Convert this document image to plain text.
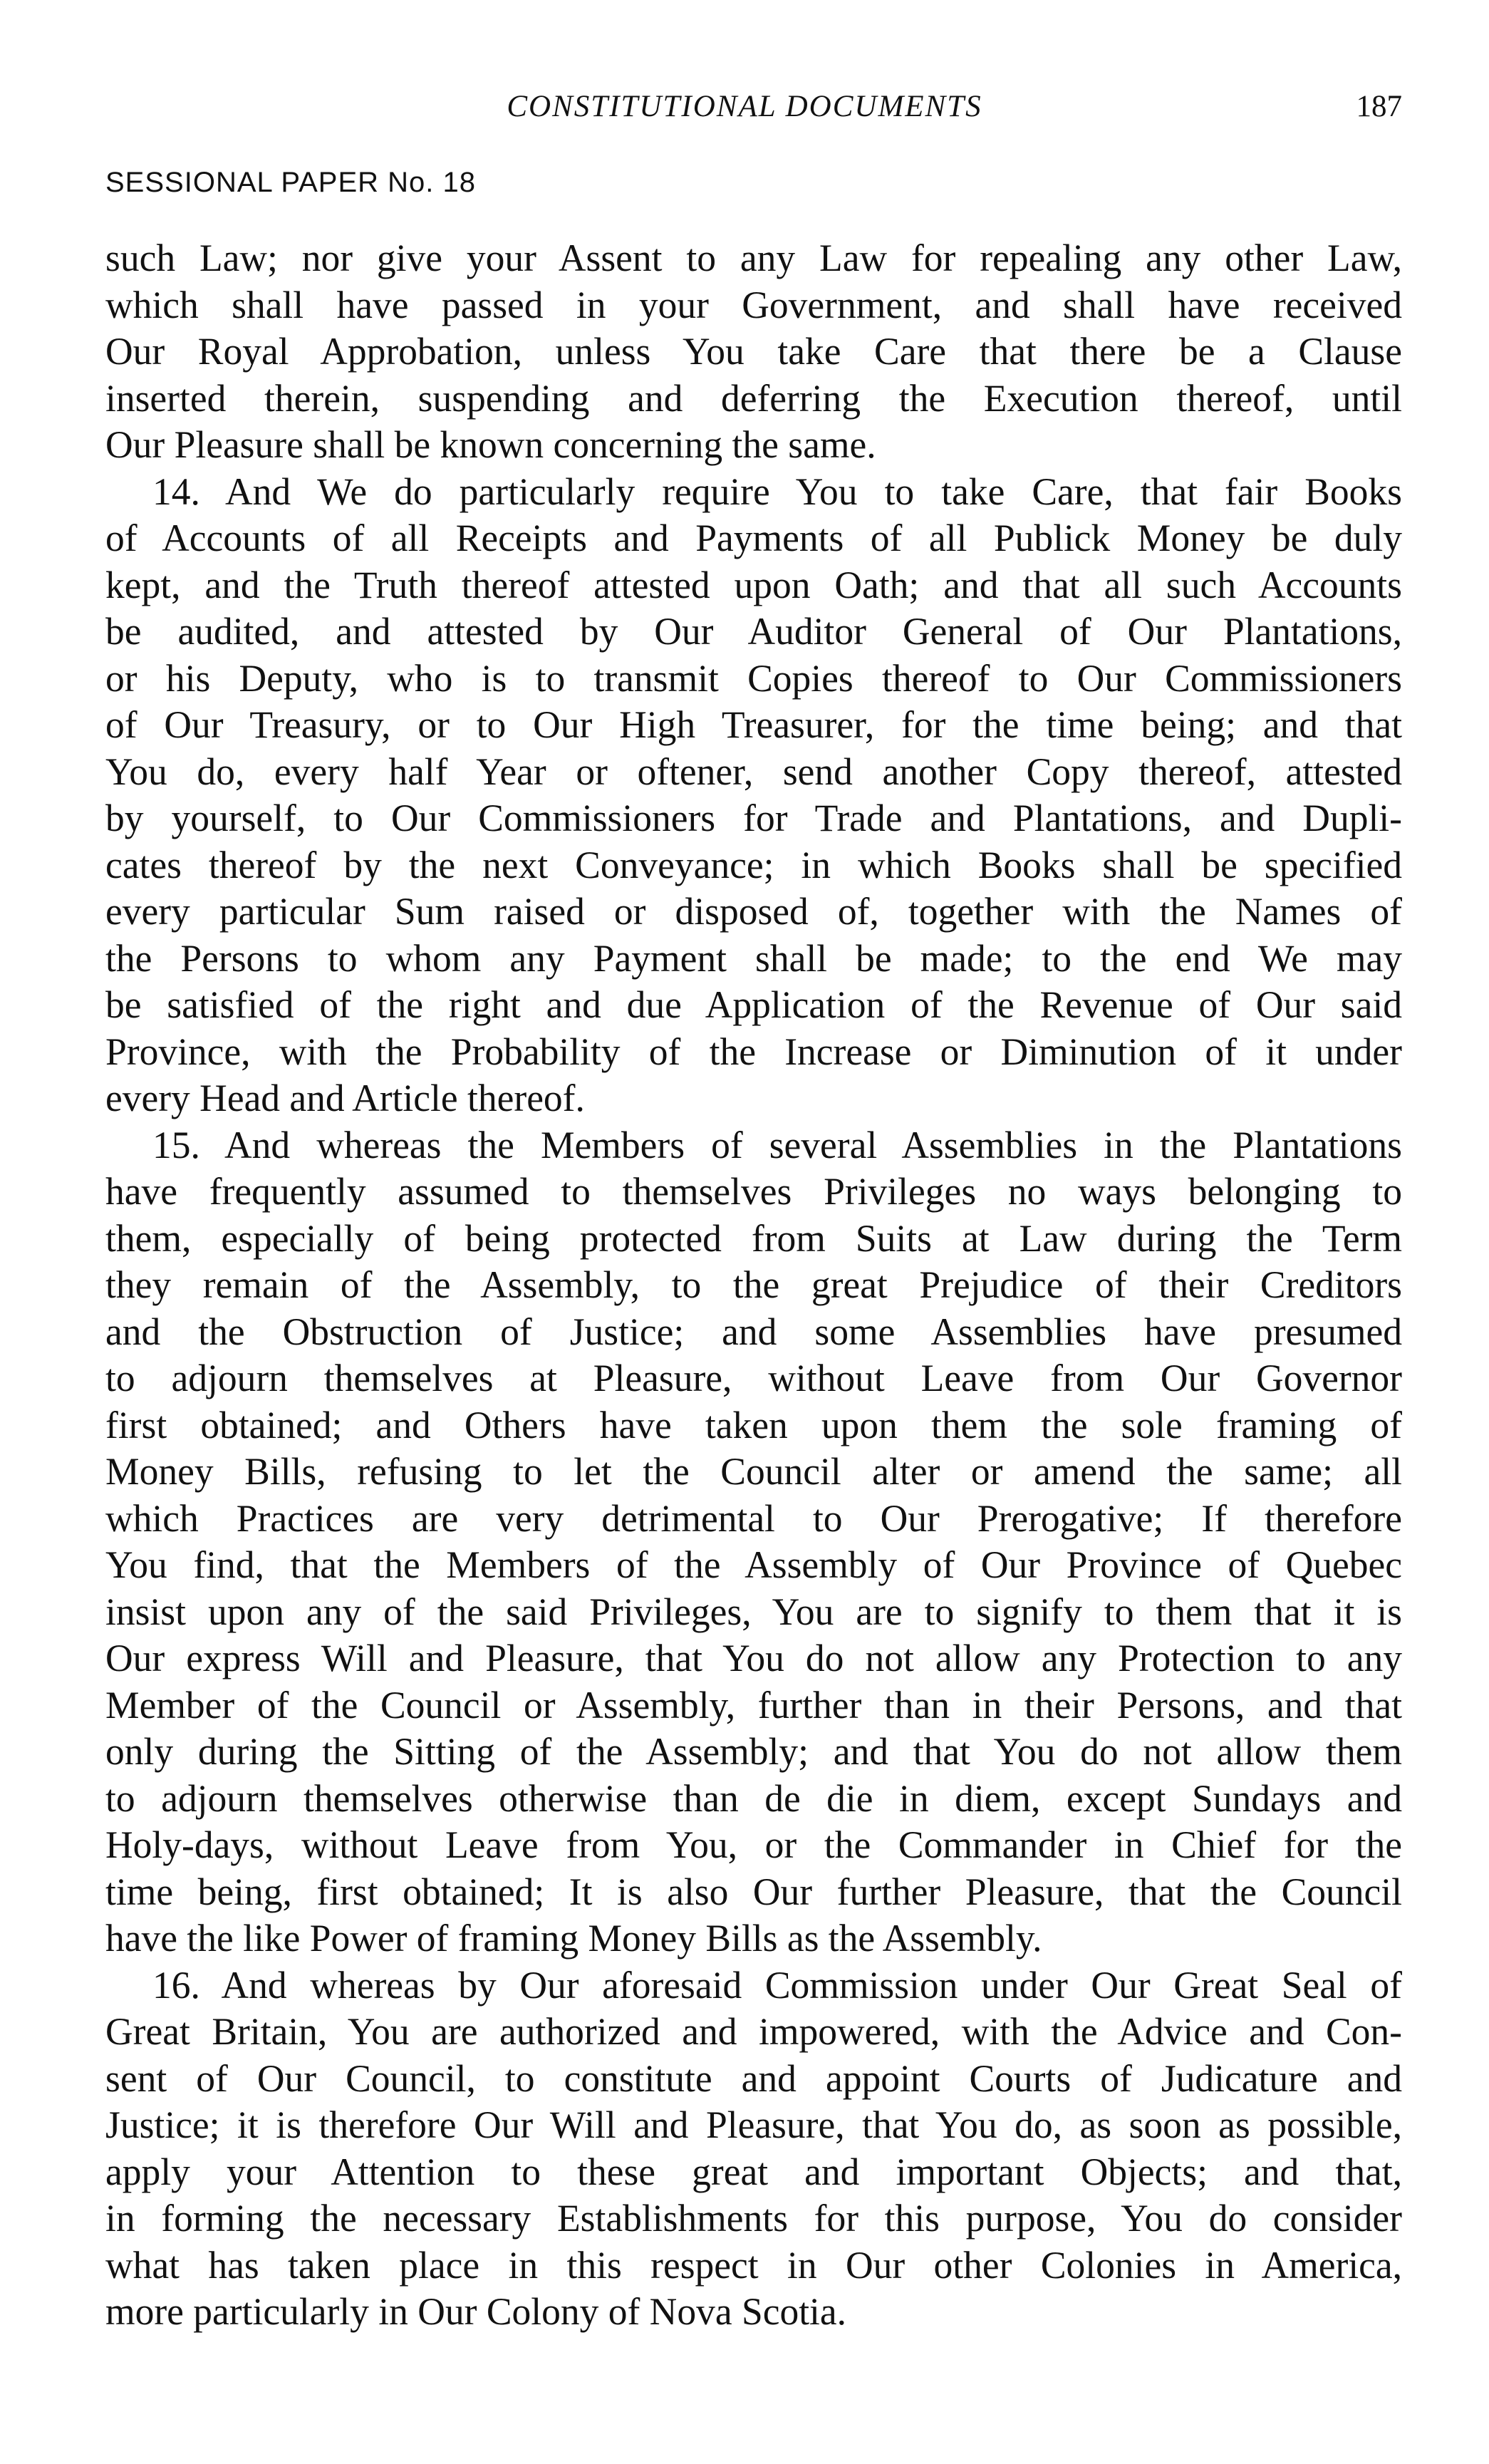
CONSTITUTIONAL DOCUMENTS	187
SESSIONAL PAPER No. 18

such Law; nor give your Assent to any Law for repealing any other Law,
which shall have passed in your Government, and shall have received
Our Royal Approbation, unless You take Care that there be a Clause
inserted therein, suspending and deferring the Execution thereof, until
Our Pleasure shall be known concerning the same.

14. And We do particularly require You to take Care, that fair Books
of Accounts of all Receipts and Payments of all Publick Money be duly
kept, and the Truth thereof attested upon Oath; and that all such Accounts
be audited, and attested by Our Auditor General of Our Plantations,
or his Deputy, who is to transmit Copies thereof to Our Commissioners
of Our Treasury, or to Our High Treasurer, for the time being; and that
You do, every half Year or oftener, send another Copy thereof, attested
by yourself, to Our Commissioners for Trade and Plantations, and Dupli-
cates thereof by the next Conveyance; in which Books shall be specified
every particular Sum raised or disposed of, together with the Names of
the Persons to whom any Payment shall be made; to the end We may
be satisfied of the right and due Application of the Revenue of Our said
Province, with the Probability of the Increase or Diminution of it under
every Head and Article thereof.

15. And whereas the Members of several Assemblies in the Plantations
have frequently assumed to themselves Privileges no ways belonging to
them, especially of being protected from Suits at Law during the Term
they remain of the Assembly, to the great Prejudice of their Creditors
and the Obstruction of Justice; and some Assemblies have presumed
to adjourn themselves at Pleasure, without Leave from Our Governor
first obtained; and Others have taken upon them the sole framing of
Money Bills, refusing to let the Council alter or amend the same; all
which Practices are very detrimental to Our Prerogative; If therefore
You find, that the Members of the Assembly of Our Province of Quebec
insist upon any of the said Privileges, You are to signify to them that it is
Our express Will and Pleasure, that You do not allow any Protection to any
Member of the Council or Assembly, further than in their Persons, and that
only during the Sitting of the Assembly; and that You do not allow them
to adjourn themselves otherwise than de die in diem, except Sundays and
Holy-days, without Leave from You, or the Commander in Chief for the
time being, first obtained; It is also Our further Pleasure, that the Council
have the like Power of framing Money Bills as the Assembly.

16. And whereas by Our aforesaid Commission under Our Great Seal of
Great Britain, You are authorized and impowered, with the Advice and Con-
sent of Our Council, to constitute and appoint Courts of Judicature and
Justice; it is therefore Our Will and Pleasure, that You do, as soon as possible,
apply your Attention to these great and important Objects; and that,
in forming the necessary Establishments for this purpose, You do consider
what has taken place in this respect in Our other Colonies in America,
more particularly in Our Colony of Nova Scotia.
